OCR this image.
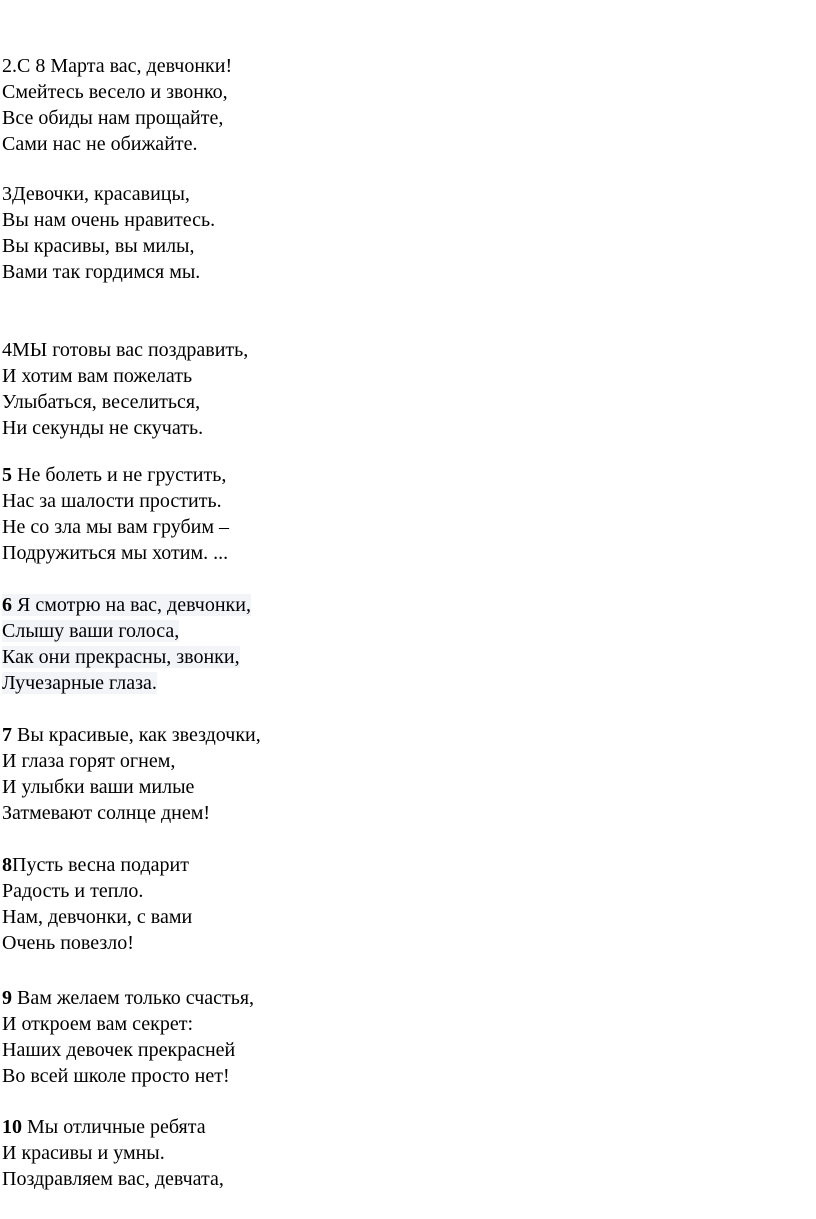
2.С 8 Марта вас, девчонки!
Смейтесь весело и звонко,
Все обиды нам прощайте,
Сами нас не обижайте.
3Девочки, красавицы,
Вы нам очень нравитесь.
Вы красивы, вы милы,
Вами так гордимся мы.
4МЫ готовы вас поздравить,
И хотим вам пожелать
Улыбаться, веселиться,
Ни секунды не скучать.
5 Не болеть и не грустить,
Нас за шалости простить.
Не со зла мы вам грубим –
Подружиться мы хотим. ...
6 Я смотрю на вас, девчонки,
Слышу ваши голоса,
Как они прекрасны, звонки,
Лучезарные глаза.
7 Вы красивые, как звездочки,
И глаза горят огнем,
И улыбки ваши милые
Затмевают солнце днем!
8Пусть весна подарит
Радость и тепло.
Нам, девчонки, с вами
Очень повезло!
9 Вам желаем только счастья,
И откроем вам секрет:
Наших девочек прекрасней
Во всей школе просто нет!
10 Мы отличные ребята
И красивы и умны.
Поздравляем вас, девчата,
